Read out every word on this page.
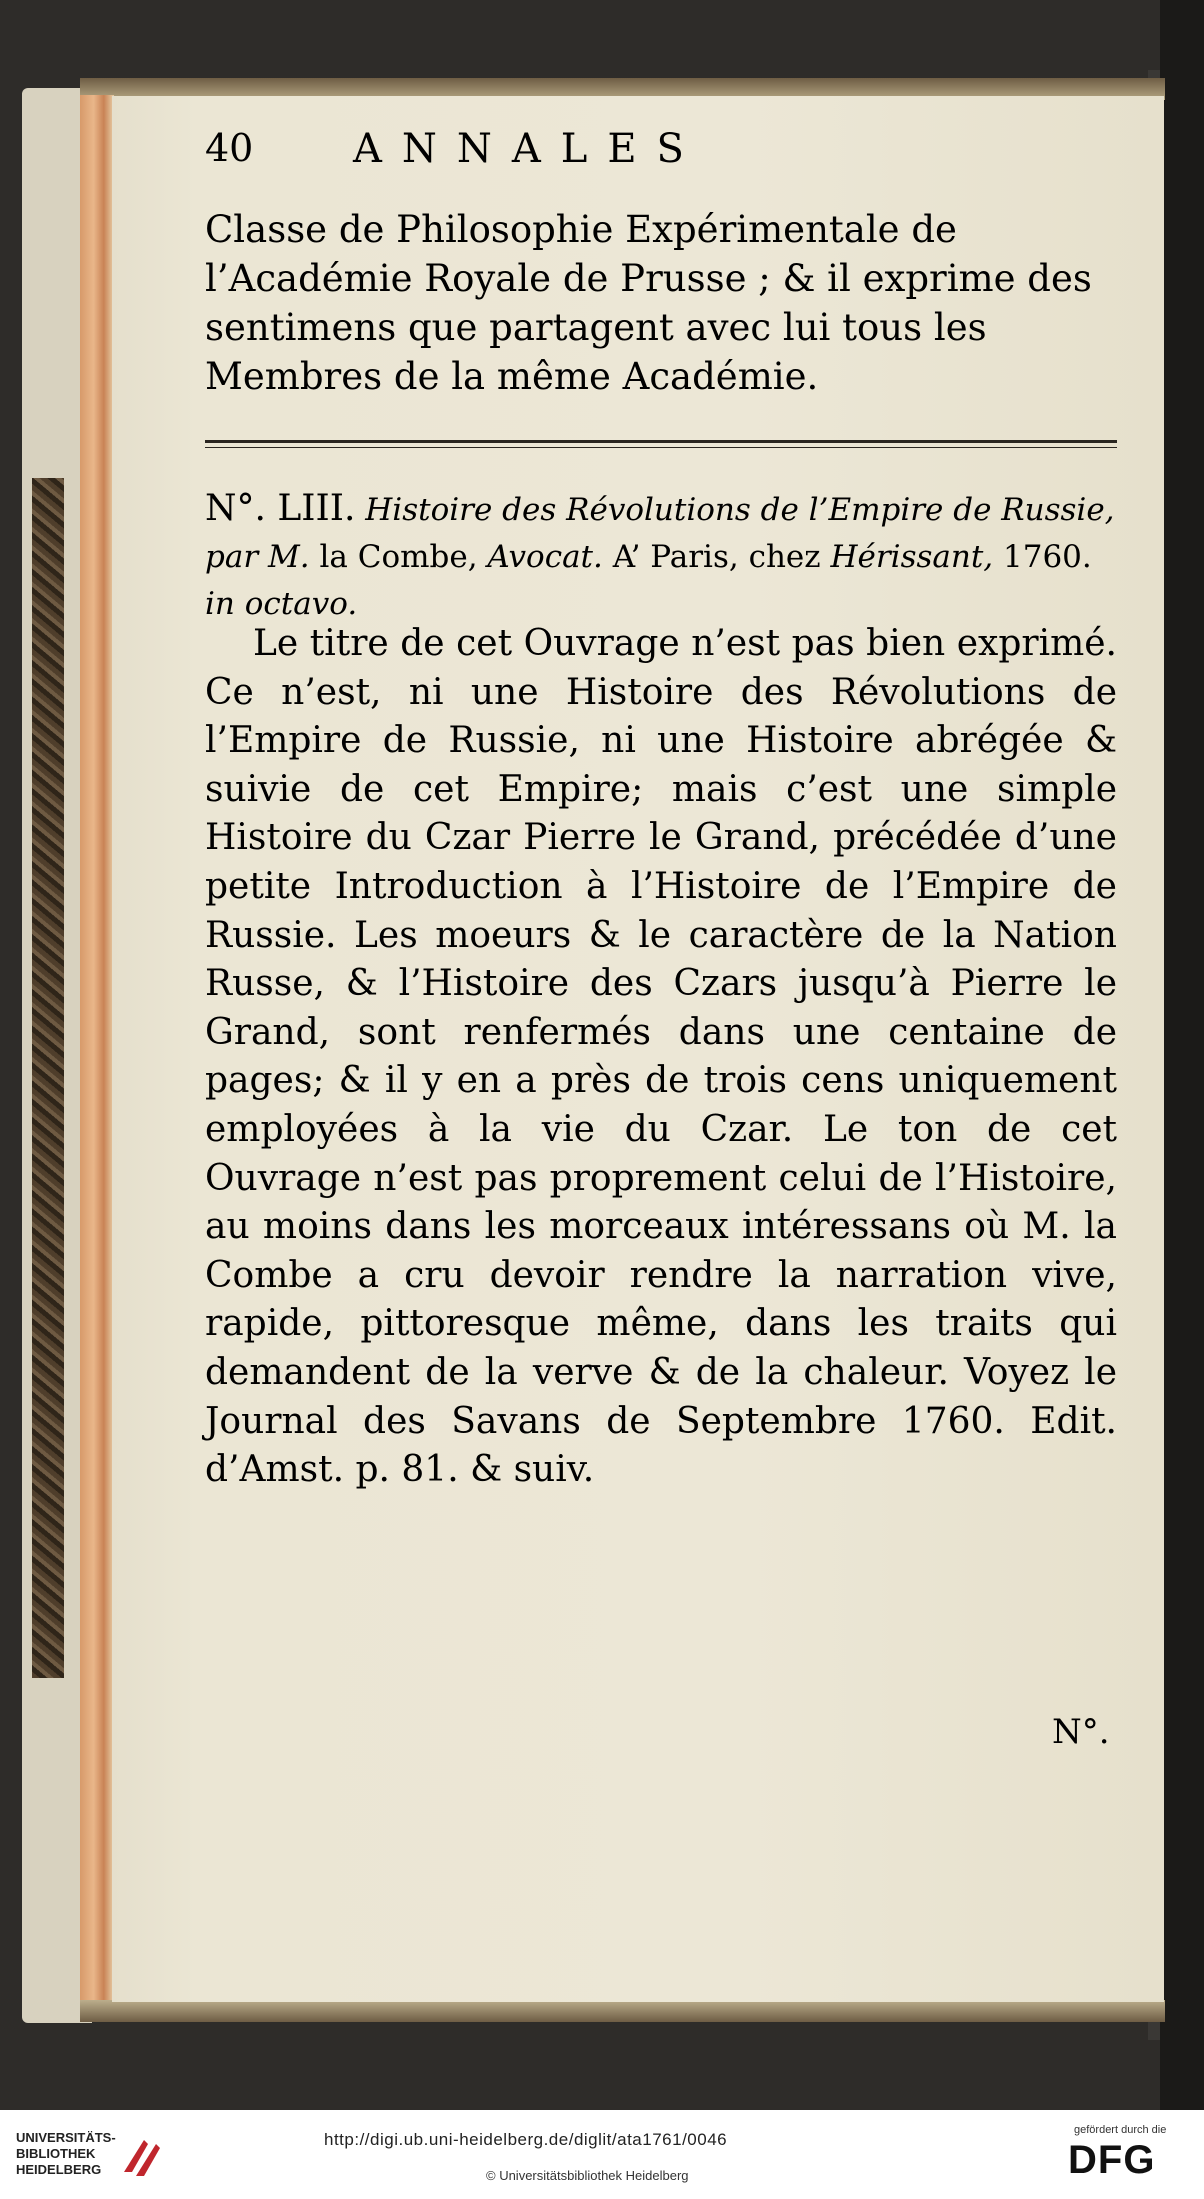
40 ANNALES
Classe de Philosophie Expérimentale de l’Académie Royale de Prusse ; & il exprime des sentimens que partagent avec lui tous les Membres de la même Académie.
N°. LIII. Histoire des Révolutions de l’Empire de Russie, par M. la Combe, Avocat. A’ Paris, chez Hérissant, 1760. in octavo.

Le titre de cet Ouvrage n’est pas bien exprimé. Ce n’est, ni une Histoire des Révolutions de l’Empire de Russie, ni une Histoire abrégée & suivie de cet Empire; mais c’est une simple Histoire du Czar Pierre le Grand, précédée d’une petite Introduction à l’Histoire de l’Empire de Russie. Les moeurs & le caractère de la Nation Russe, & l’Histoire des Czars jusqu’à Pierre le Grand, sont renfermés dans une centaine de pages; & il y en a près de trois cens uniquement employées à la vie du Czar. Le ton de cet Ouvrage n’est pas proprement celui de l’Histoire, au moins dans les morceaux intéressans où M. la Combe a cru devoir rendre la narration vive, rapide, pittoresque même, dans les traits qui demandent de la verve & de la chaleur. Voyez le Journal des Savans de Septembre 1760. Edit. d’Amst. p. 81. & suiv.

N°.
UNIVERSITÄTS-
BIBLIOTHEK
HEIDELBERG
http://digi.ub.uni-heidelberg.de/diglit/ata1761/0046
© Universitätsbibliothek Heidelberg
gefördert durch die
DFG
